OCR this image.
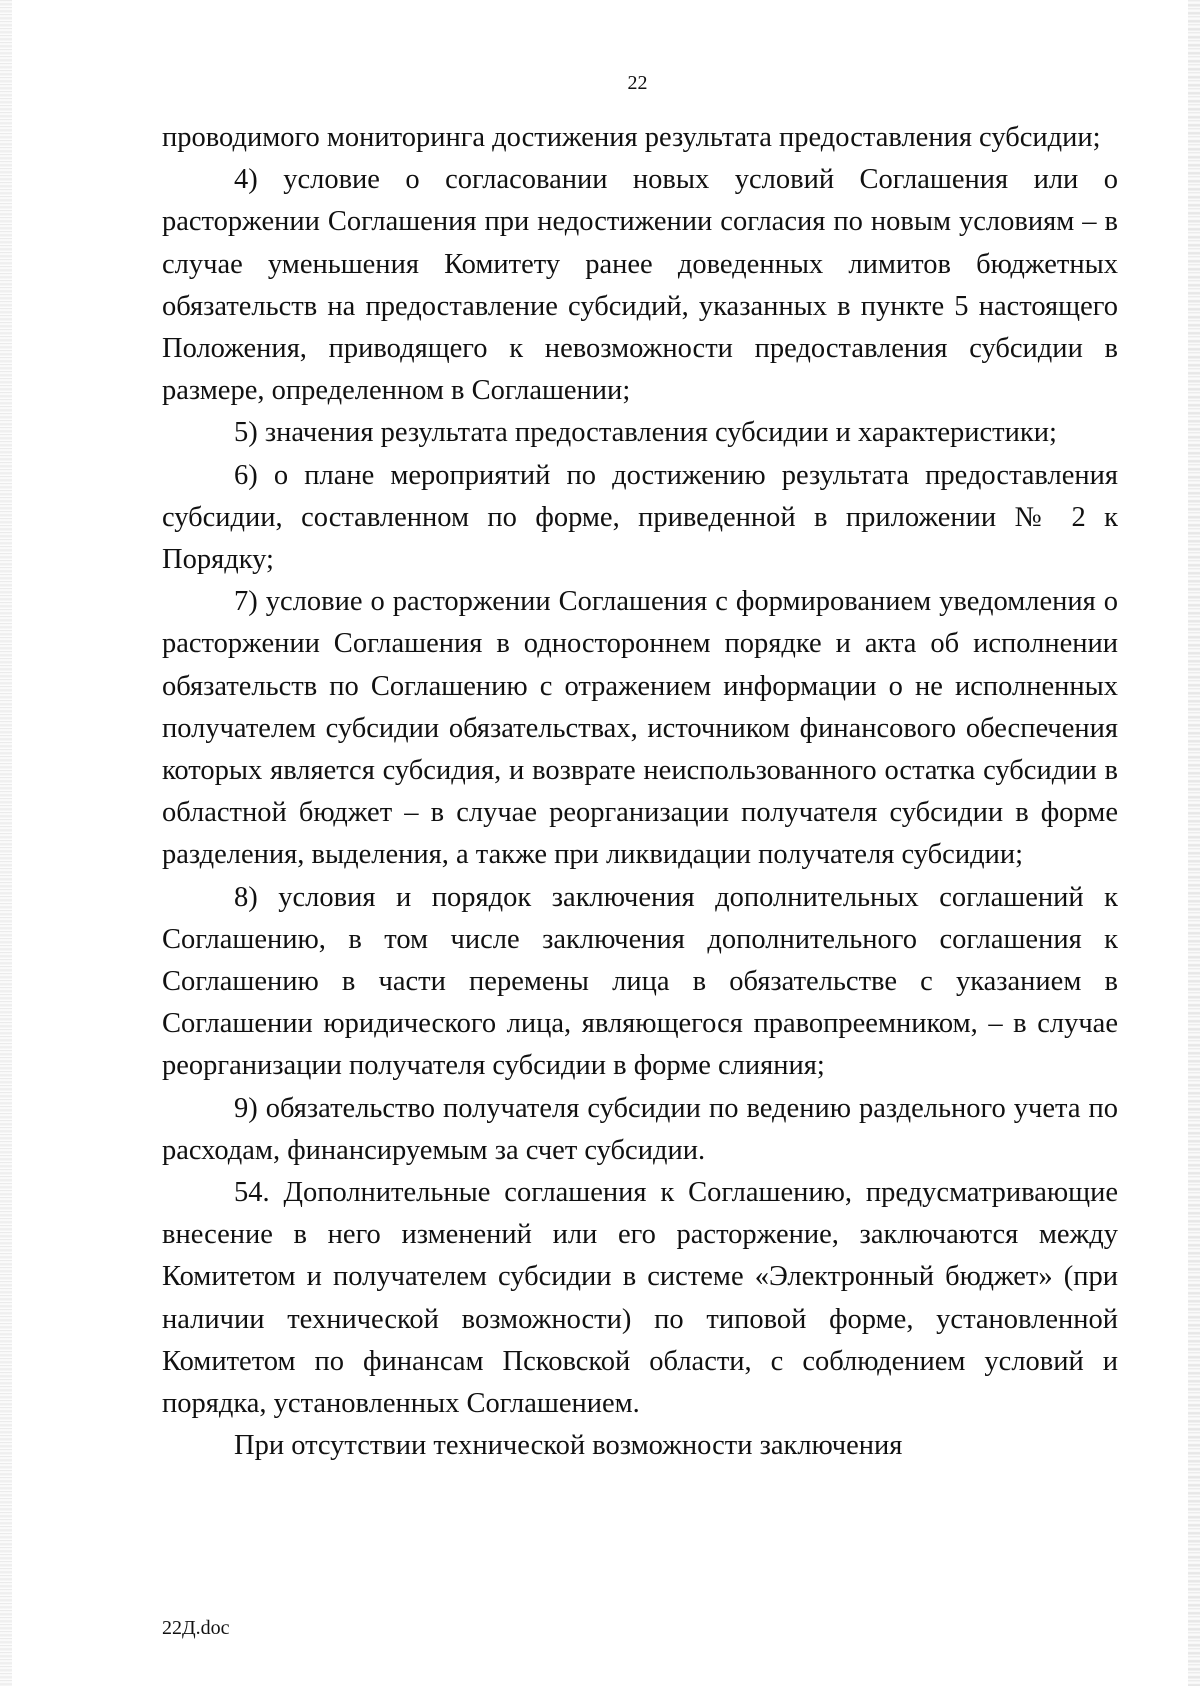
22

проводимого мониторинга достижения результата предоставления субсидии;

4) условие о согласовании новых условий Соглашения или о расторжении Соглашения при недостижении согласия по новым условиям – в случае уменьшения Комитету ранее доведенных лимитов бюджетных обязательств на предоставление субсидий, указанных в пункте 5 настоящего Положения, приводящего к невозможности предоставления субсидии в размере, определенном в Соглашении;

5) значения результата предоставления субсидии и характеристики;

6) о плане мероприятий по достижению результата предоставления субсидии, составленном по форме, приведенной в приложении № 2 к Порядку;

7) условие о расторжении Соглашения с формированием уведомления о расторжении Соглашения в одностороннем порядке и акта об исполнении обязательств по Соглашению с отражением информации о не исполненных получателем субсидии обязательствах, источником финансового обеспечения которых является субсидия, и возврате неиспользованного остатка субсидии в областной бюджет – в случае реорганизации получателя субсидии в форме разделения, выделения, а также при ликвидации получателя субсидии;

8) условия и порядок заключения дополнительных соглашений к Соглашению, в том числе заключения дополнительного соглашения к Соглашению в части перемены лица в обязательстве с указанием в Соглашении юридического лица, являющегося правопреемником, – в случае реорганизации получателя субсидии в форме слияния;

9) обязательство получателя субсидии по ведению раздельного учета по расходам, финансируемым за счет субсидии.

54. Дополнительные соглашения к Соглашению, предусматривающие внесение в него изменений или его расторжение, заключаются между Комитетом и получателем субсидии в системе «Электронный бюджет» (при наличии технической возможности) по типовой форме, установленной Комитетом по финансам Псковской области, с соблюдением условий и порядка, установленных Соглашением.

При отсутствии технической возможности заключения

22Д.doc
